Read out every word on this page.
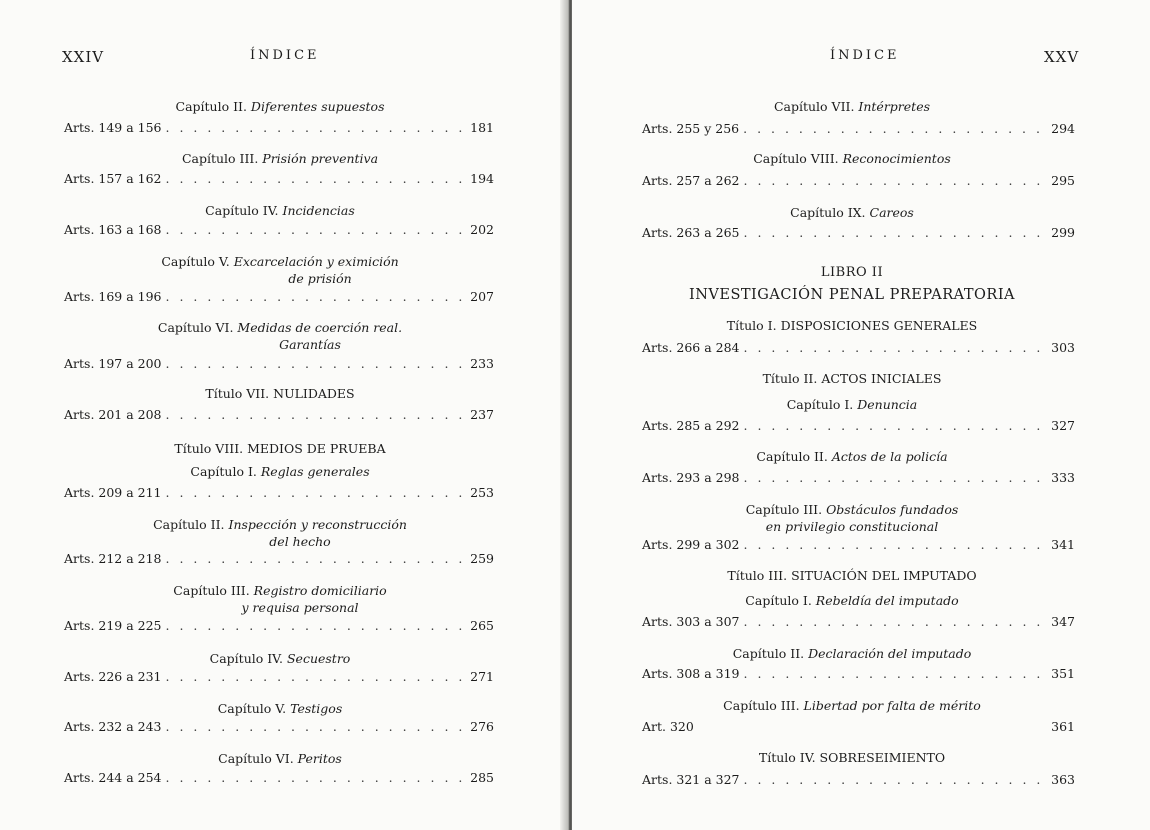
XXIV	ÍNDICE
Capítulo II. Diferentes supuestos
Arts. 149 a 156 . . .	181
Capítulo III. Prisión preventiva
Arts. 157 a 162 . . .	194
Capítulo IV. Incidencias
Arts. 163 a 168 . . .	202
Capítulo V. Excarcelación y eximición
de prisión
Arts. 169 a 196 . . .	207
Capítulo VI. Medidas de coerción real.
Garantías
Arts. 197 a 200 . . .	233
Título VII. NULIDADES
Arts. 201 a 208 . . .	237
Título VIII. MEDIOS DE PRUEBA
Capítulo I. Reglas generales
Arts. 209 a 211 . . .	253
Capítulo II. Inspección y reconstrucción
del hecho
Arts. 212 a 218 . . .	259
Capítulo III. Registro domiciliario
y requisa personal
Arts. 219 a 225 . . .	265
Capítulo IV. Secuestro
Arts. 226 a 231 . . .	271
Capítulo V. Testigos
Arts. 232 a 243 . . .	276
Capítulo VI. Peritos
Arts. 244 a 254 . . .	285
ÍNDICE	XXV
Capítulo VII. Intérpretes
Arts. 255 y 256 . . .	294
Capítulo VIII. Reconocimientos
Arts. 257 a 262 . . .	295
Capítulo IX. Careos
Arts. 263 a 265 . . .	299
LIBRO II
INVESTIGACIÓN PENAL PREPARATORIA
Título I. DISPOSICIONES GENERALES
Arts. 266 a 284 . . .	303
Título II. ACTOS INICIALES
Capítulo I. Denuncia
Arts. 285 a 292 . . .	327
Capítulo II. Actos de la policía
Arts. 293 a 298 . . .	333
Capítulo III. Obstáculos fundados
en privilegio constitucional
Arts. 299 a 302 . . .	341
Título III. SITUACIÓN DEL IMPUTADO
Capítulo I. Rebeldía del imputado
Arts. 303 a 307 . . .	347
Capítulo II. Declaración del imputado
Arts. 308 a 319 . . .	351
Capítulo III. Libertad por falta de mérito
Art. 320	361
Título IV. SOBRESEIMIENTO
Arts. 321 a 327 . . .	363
